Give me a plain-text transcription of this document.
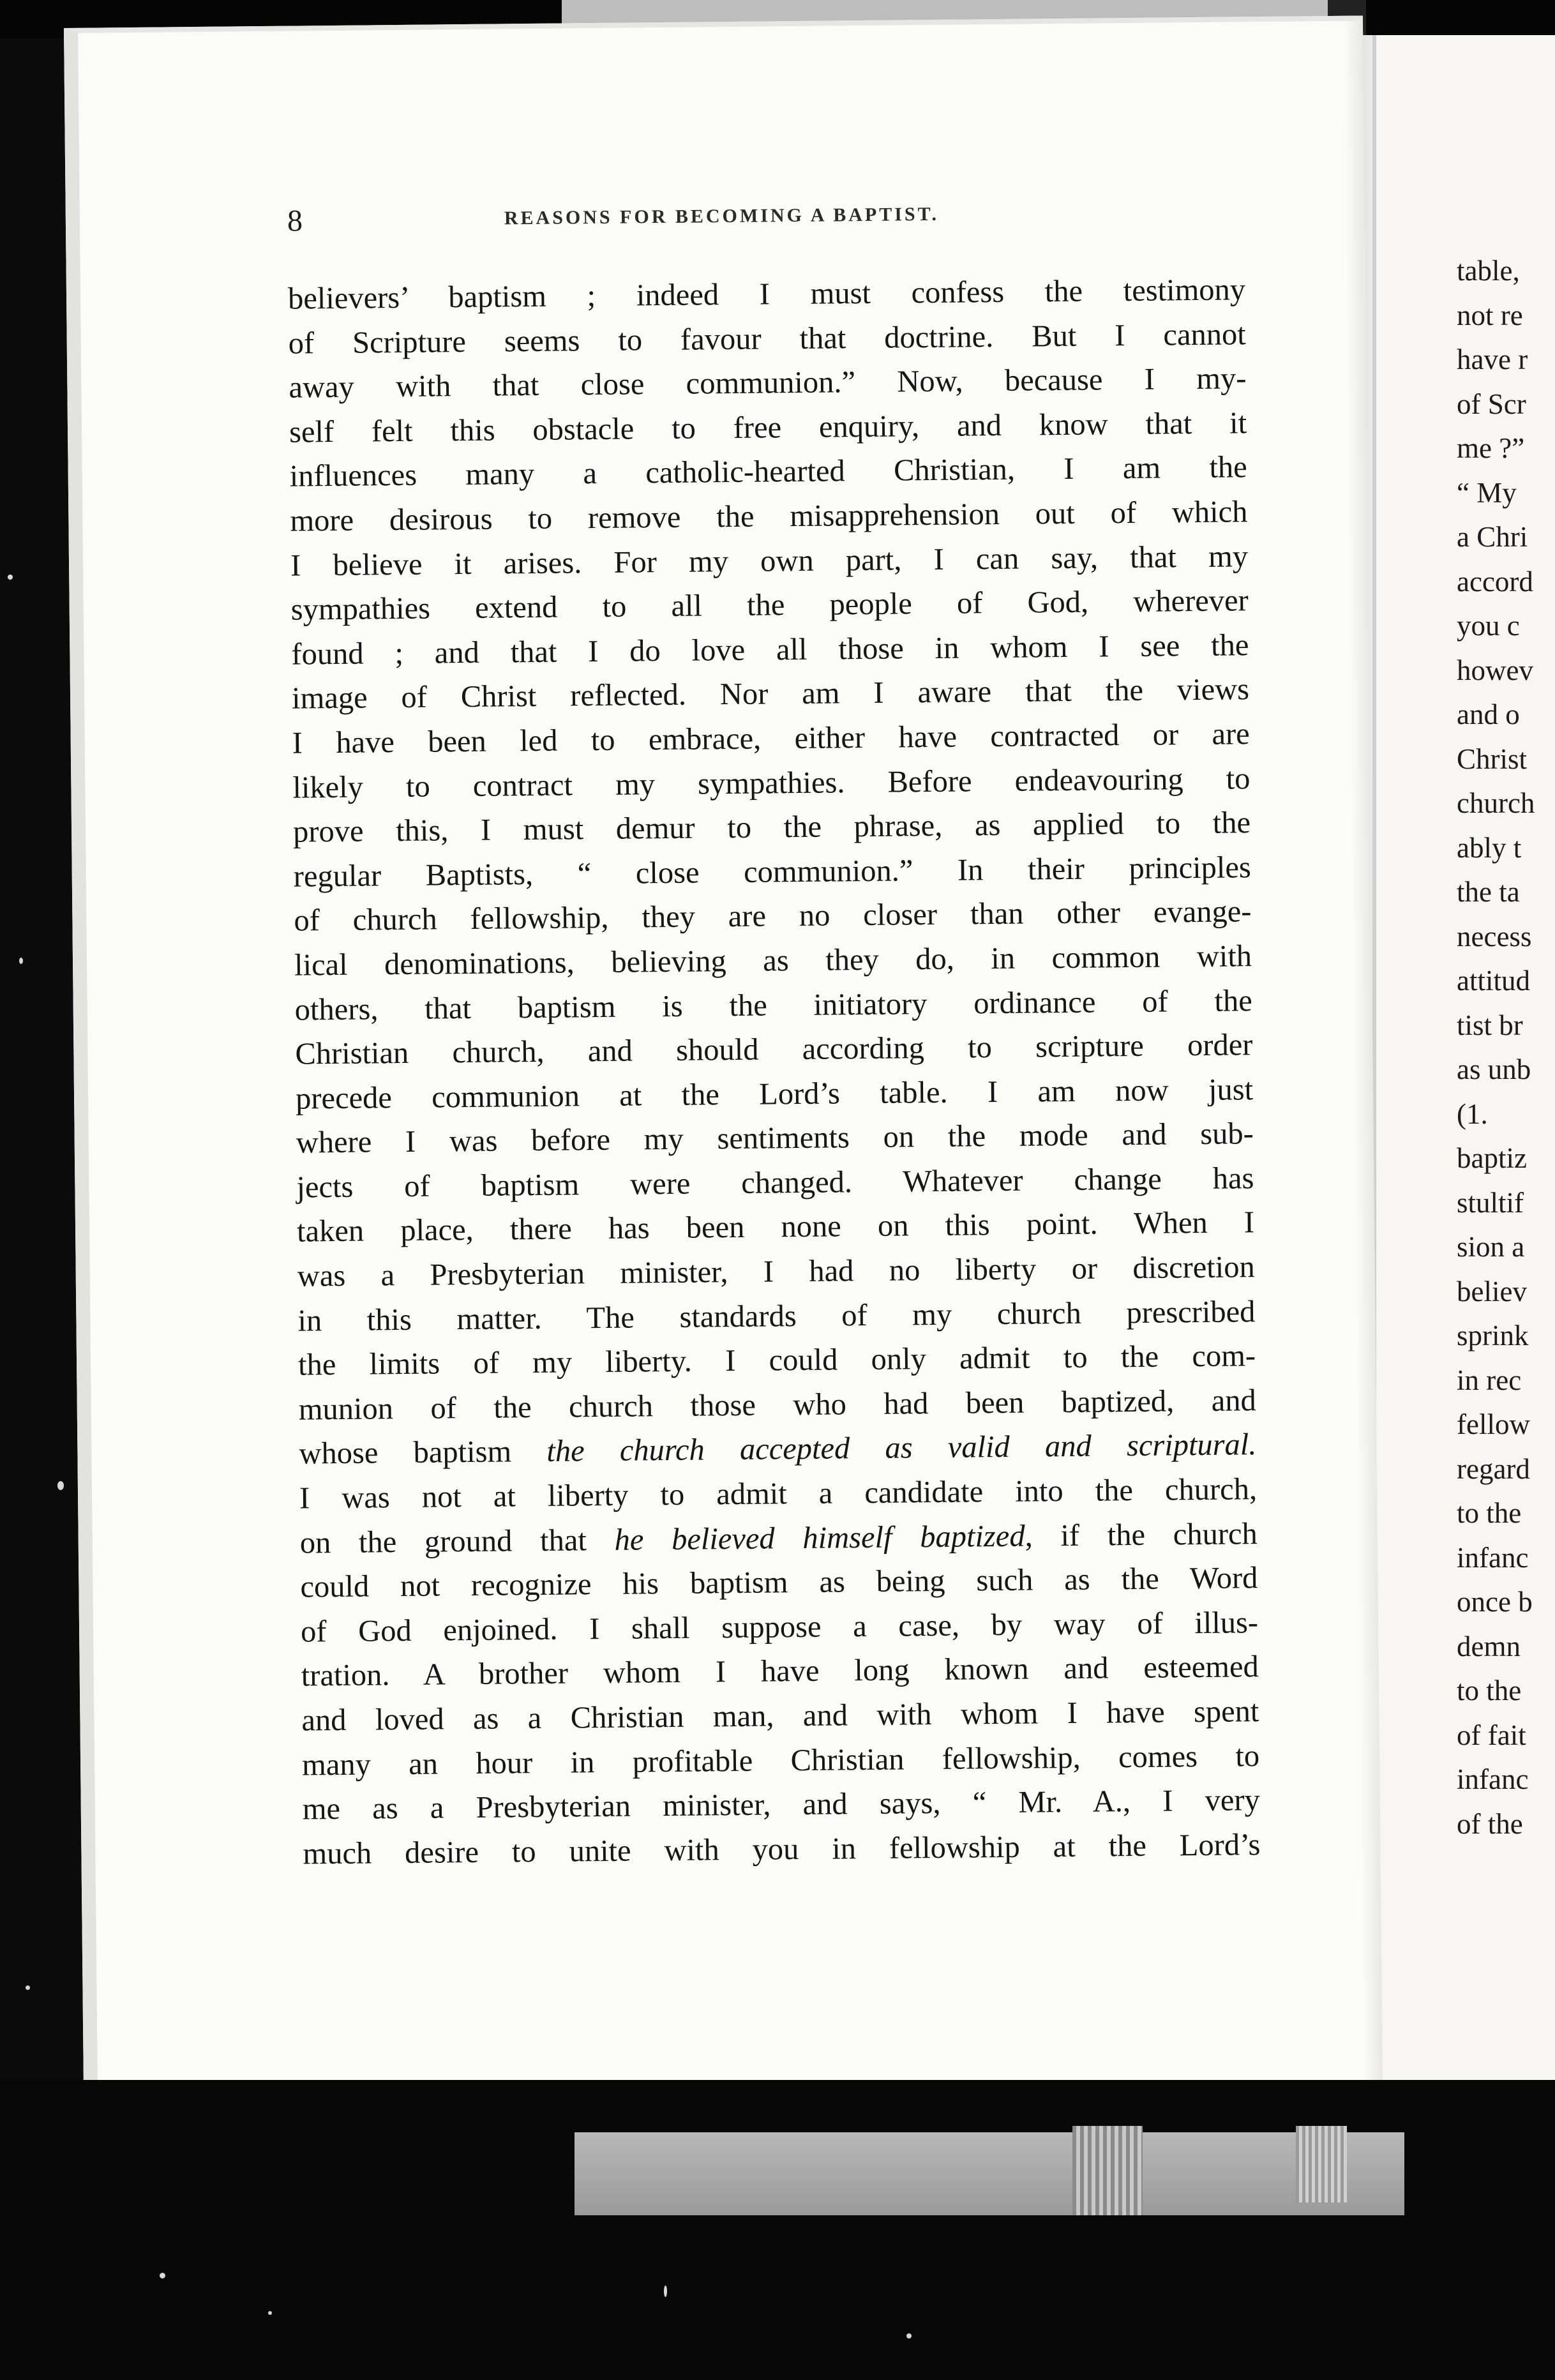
table,
not re
have r
of Scr
me ?”
“ My
a Chri
accord
you c
howev
and o
Christ
church
ably t
the ta
necess
attitud
tist br
as unb
(1.
baptiz
stultif
sion a
believ
sprink
in rec
fellow
regard
to the
infanc
once b
demn
to the
of fait
infanc
of the
8	REASONS FOR BECOMING A BAPTIST.
believers’ baptism ; indeed I must confess the testimony
of Scripture seems to favour that doctrine. But I cannot
away with that close communion.” Now, because I my-
self felt this obstacle to free enquiry, and know that it
influences many a catholic-hearted Christian, I am the
more desirous to remove the misapprehension out of which
I believe it arises. For my own part, I can say, that my
sympathies extend to all the people of God, wherever
found ; and that I do love all those in whom I see the
image of Christ reflected. Nor am I aware that the views
I have been led to embrace, either have contracted or are
likely to contract my sympathies. Before endeavouring to
prove this, I must demur to the phrase, as applied to the
regular Baptists, “ close communion.” In their principles
of church fellowship, they are no closer than other evange-
lical denominations, believing as they do, in common with
others, that baptism is the initiatory ordinance of the
Christian church, and should according to scripture order
precede communion at the Lord’s table. I am now just
where I was before my sentiments on the mode and sub-
jects of baptism were changed. Whatever change has
taken place, there has been none on this point. When I
was a Presbyterian minister, I had no liberty or discretion
in this matter. The standards of my church prescribed
the limits of my liberty. I could only admit to the com-
munion of the church those who had been baptized, and
whose baptism the church accepted as valid and scriptural.
I was not at liberty to admit a candidate into the church,
on the ground that he believed himself baptized, if the church
could not recognize his baptism as being such as the Word
of God enjoined. I shall suppose a case, by way of illus-
tration. A brother whom I have long known and esteemed
and loved as a Christian man, and with whom I have spent
many an hour in profitable Christian fellowship, comes to
me as a Presbyterian minister, and says, “ Mr. A., I very
much desire to unite with you in fellowship at the Lord’s
